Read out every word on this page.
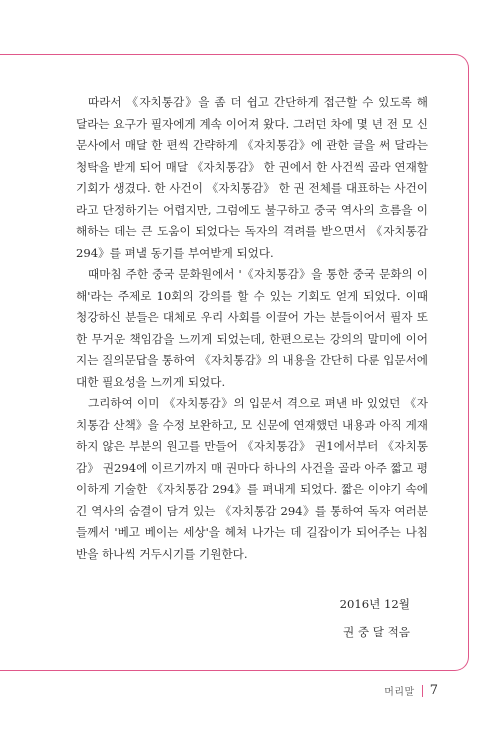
따라서 《자치통감》을 좀 더 쉽고 간단하게 접근할 수 있도록 해 달라는 요구가 필자에게 계속 이어져 왔다. 그러던 차에 몇 년 전 모 신문사에서 매달 한 편씩 간략하게 《자치통감》에 관한 글을 써 달라는 청탁을 받게 되어 매달 《자치통감》 한 권에서 한 사건씩 골라 연재할 기회가 생겼다. 한 사건이 《자치통감》 한 권 전체를 대표하는 사건이라고 단정하기는 어렵지만, 그럼에도 불구하고 중국 역사의 흐름을 이해하는 데는 큰 도움이 되었다는 독자의 격려를 받으면서 《자치통감 294》를 펴낼 동기를 부여받게 되었다.

때마침 주한 중국 문화원에서 '《자치통감》을 통한 중국 문화의 이해'라는 주제로 10회의 강의를 할 수 있는 기회도 얻게 되었다. 이때 청강하신 분들은 대체로 우리 사회를 이끌어 가는 분들이어서 필자 또한 무거운 책임감을 느끼게 되었는데, 한편으로는 강의의 말미에 이어지는 질의문답을 통하여 《자치통감》의 내용을 간단히 다룬 입문서에 대한 필요성을 느끼게 되었다.

그리하여 이미 《자치통감》의 입문서 격으로 펴낸 바 있었던 《자치통감 산책》을 수정 보완하고, 모 신문에 연재했던 내용과 아직 게재하지 않은 부분의 원고를 만들어 《자치통감》 권1에서부터 《자치통감》 권294에 이르기까지 매 권마다 하나의 사건을 골라 아주 짧고 평이하게 기술한 《자치통감 294》를 펴내게 되었다. 짧은 이야기 속에 긴 역사의 숨결이 담겨 있는 《자치통감 294》를 통하여 독자 여러분들께서 '베고 베이는 세상'을 헤쳐 나가는 데 길잡이가 되어주는 나침반을 하나씩 거두시기를 기원한다.

2016년 12월
권 중 달 적음
머리말 7
